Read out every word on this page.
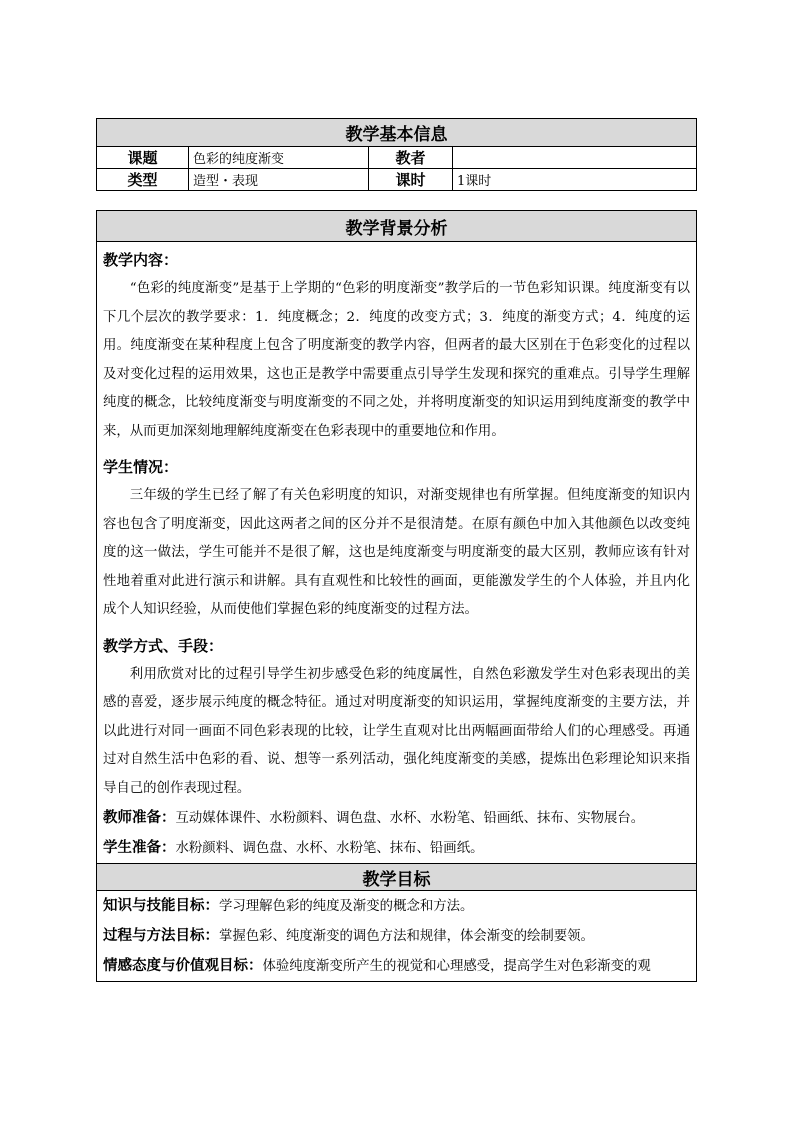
教学基本信息			
课题	色彩的纯度渐变	教者	
类型	造型・表现	课时	1课时
教学背景分析

教学内容：

“色彩的纯度渐变”是基于上学期的“色彩的明度渐变”教学后的一节色彩知识课。纯度渐变有以下几个层次的教学要求：1．纯度概念；2．纯度的改变方式；3．纯度的渐变方式；4．纯度的运用。纯度渐变在某种程度上包含了明度渐变的教学内容，但两者的最大区别在于色彩变化的过程以及对变化过程的运用效果，这也正是教学中需要重点引导学生发现和探究的重难点。引导学生理解纯度的概念，比较纯度渐变与明度渐变的不同之处，并将明度渐变的知识运用到纯度渐变的教学中来，从而更加深刻地理解纯度渐变在色彩表现中的重要地位和作用。

学生情况：

三年级的学生已经了解了有关色彩明度的知识，对渐变规律也有所掌握。但纯度渐变的知识内容也包含了明度渐变，因此这两者之间的区分并不是很清楚。在原有颜色中加入其他颜色以改变纯度的这一做法，学生可能并不是很了解，这也是纯度渐变与明度渐变的最大区别，教师应该有针对性地着重对此进行演示和讲解。具有直观性和比较性的画面，更能激发学生的个人体验，并且内化成个人知识经验，从而使他们掌握色彩的纯度渐变的过程方法。

教学方式、手段：

利用欣赏对比的过程引导学生初步感受色彩的纯度属性，自然色彩激发学生对色彩表现出的美感的喜爱，逐步展示纯度的概念特征。通过对明度渐变的知识运用，掌握纯度渐变的主要方法，并以此进行对同一画面不同色彩表现的比较，让学生直观对比出两幅画面带给人们的心理感受。再通过对自然生活中色彩的看、说、想等一系列活动，强化纯度渐变的美感，提炼出色彩理论知识来指导自己的创作表现过程。

教师准备：互动媒体课件、水粉颜料、调色盘、水杯、水粉笔、铅画纸、抹布、实物展台。
学生准备：水粉颜料、调色盘、水杯、水粉笔、抹布、铅画纸。

教学目标

知识与技能目标：学习理解色彩的纯度及渐变的概念和方法。
过程与方法目标：掌握色彩、纯度渐变的调色方法和规律，体会渐变的绘制要领。
情感态度与价值观目标：体验纯度渐变所产生的视觉和心理感受，提高学生对色彩渐变的观
